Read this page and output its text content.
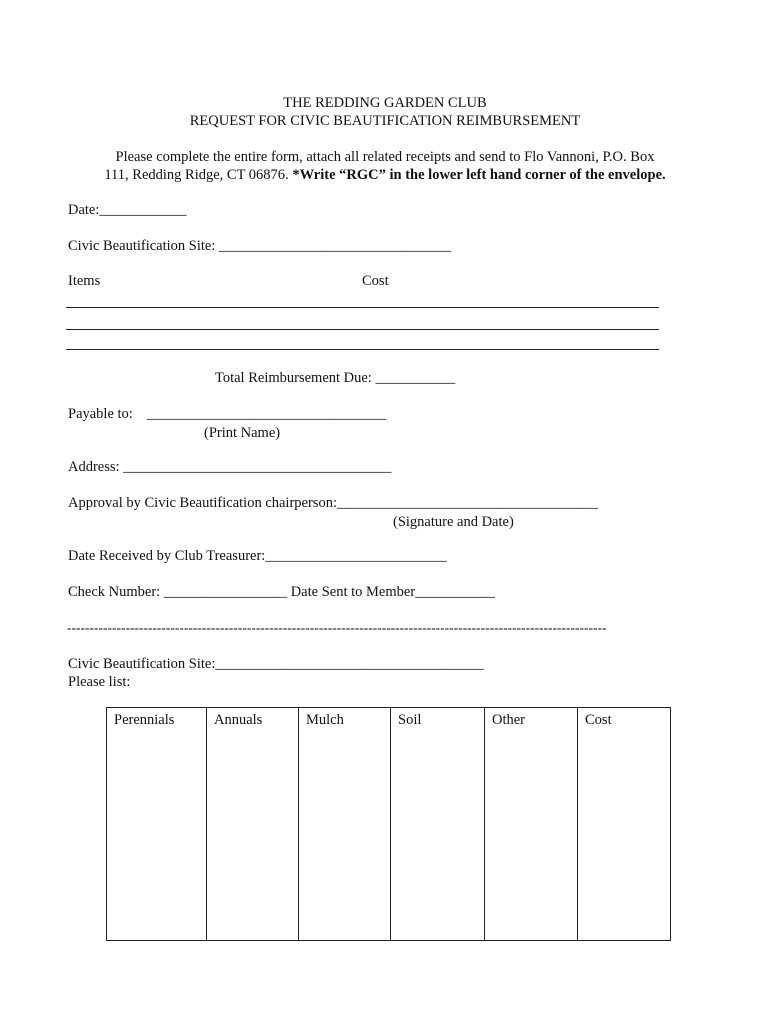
THE REDDING GARDEN CLUB
REQUEST FOR CIVIC BEAUTIFICATION REIMBURSEMENT
Please complete the entire form, attach all related receipts and send to Flo Vannoni, P.O. Box
111, Redding Ridge, CT 06876. *Write “RGC” in the lower left hand corner of the envelope.
Date:____________
Civic Beautification Site: ________________________________
Items	Cost
Total Reimbursement Due: ___________
Payable to: _________________________________
(Print Name)
Address: _____________________________________
Approval by Civic Beautification chairperson:____________________________________
(Signature and Date)
Date Received by Club Treasurer:_________________________
Check Number: _________________ Date Sent to Member___________
------------------------------------------------------------------------------------------------------------------------
Civic Beautification Site:_____________________________________
Please list:
Perennials	Annuals	Mulch	Soil	Other	Cost
